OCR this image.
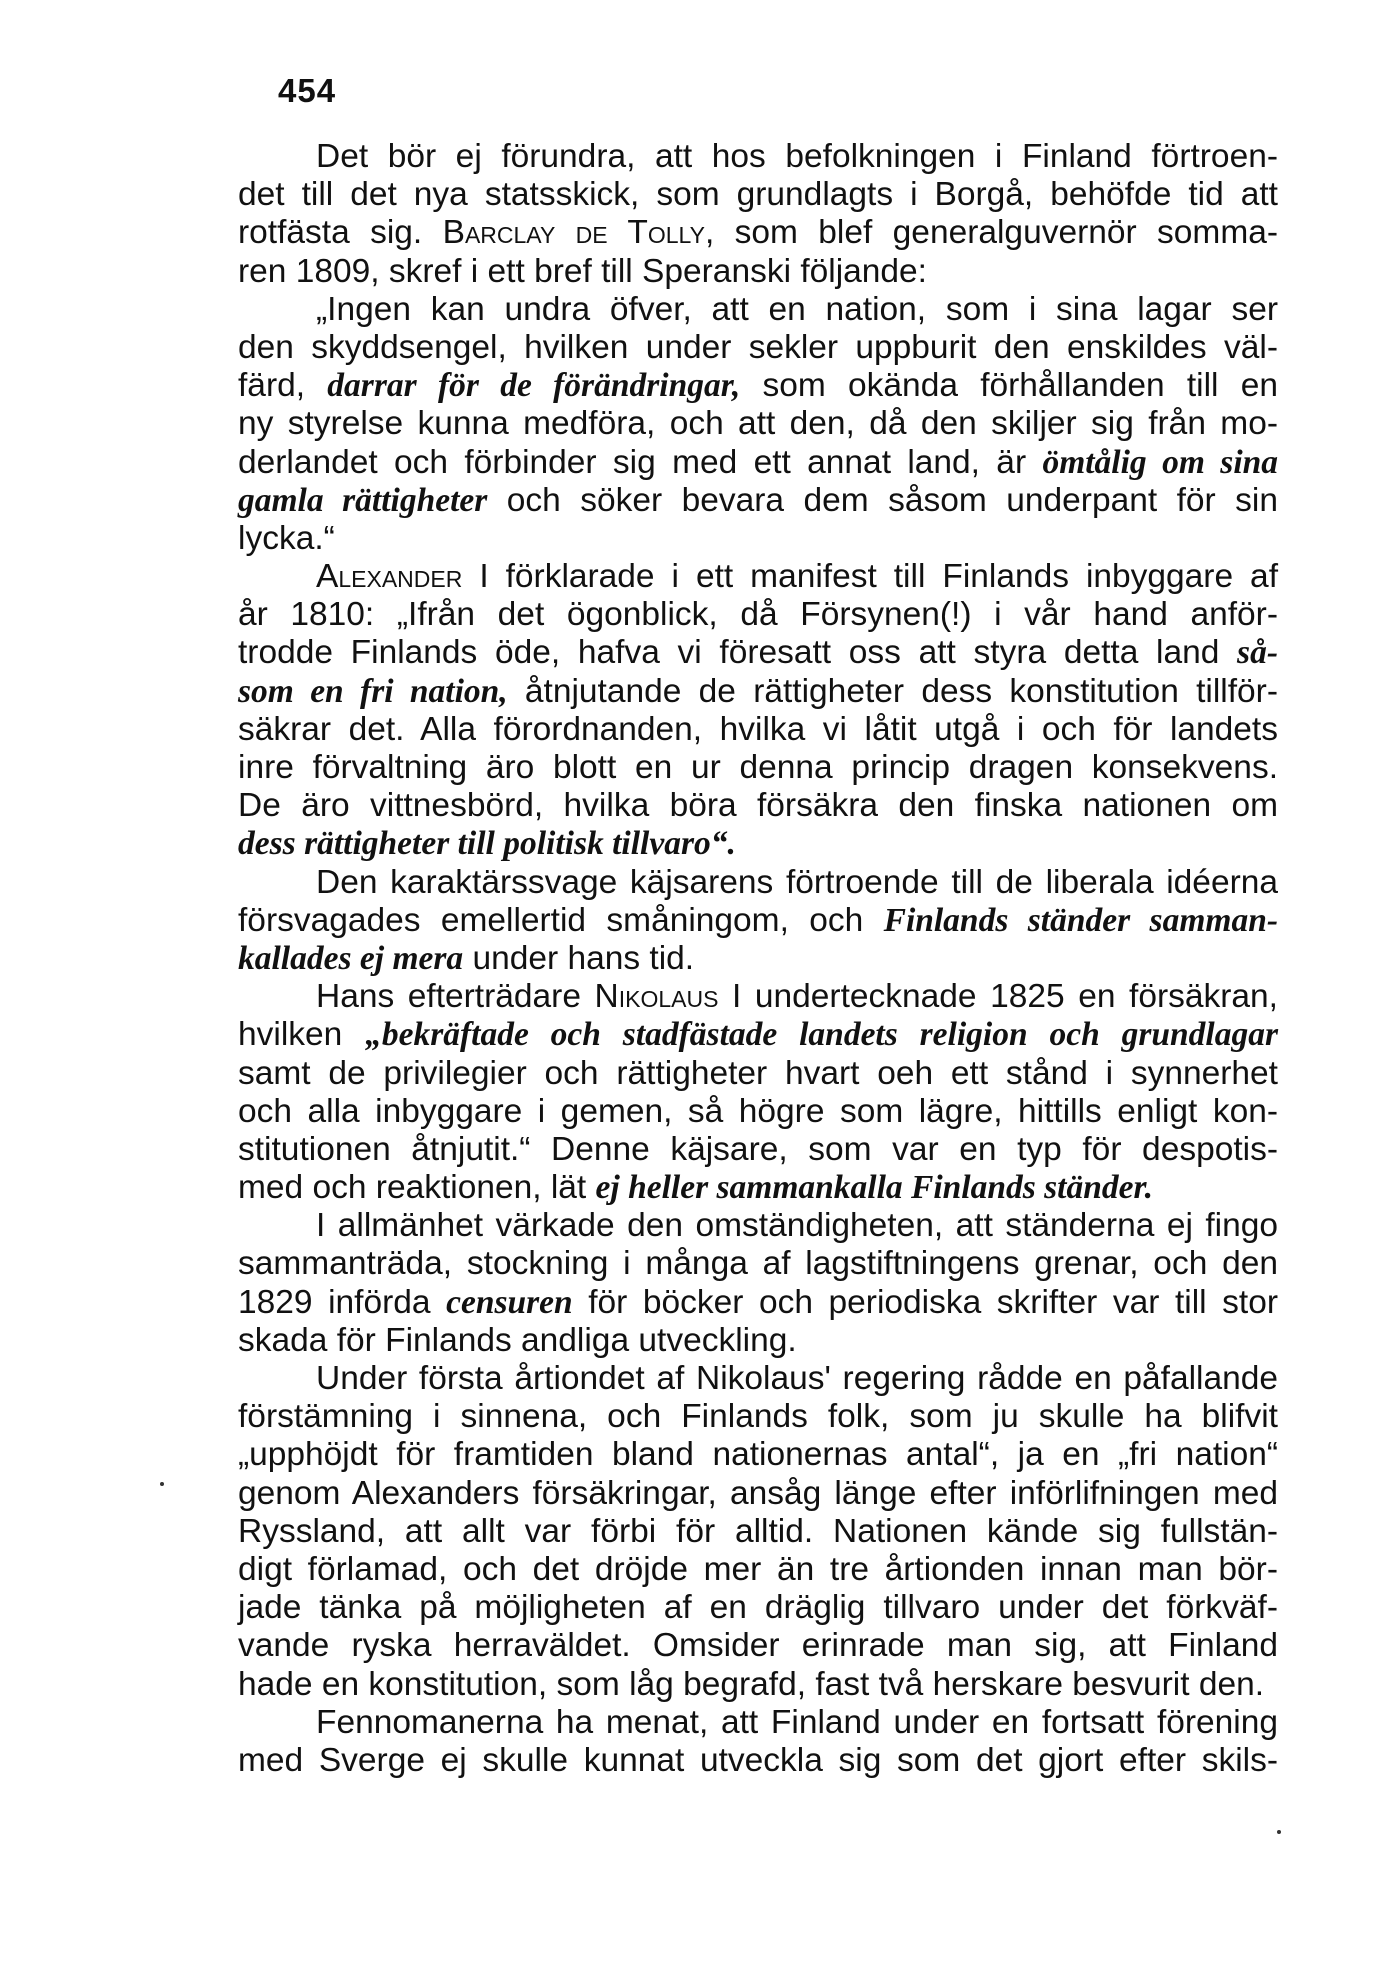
454
Det bör ej förundra, att hos befolkningen i Finland förtroen-
det till det nya statsskick, som grundlagts i Borgå, behöfde tid att
rotfästa sig. Barclay de Tolly, som blef generalguvernör somma-
ren 1809, skref i ett bref till Speranski följande:
„Ingen kan undra öfver, att en nation, som i sina lagar ser
den skyddsengel, hvilken under sekler uppburit den enskildes väl-
färd, darrar för de förändringar, som okända förhållanden till en
ny styrelse kunna medföra, och att den, då den skiljer sig från mo-
derlandet och förbinder sig med ett annat land, är ömtålig om sina
gamla rättigheter och söker bevara dem såsom underpant för sin
lycka.“
Alexander I förklarade i ett manifest till Finlands inbyggare af
år 1810: „Ifrån det ögonblick, då Försynen(!) i vår hand anför-
trodde Finlands öde, hafva vi föresatt oss att styra detta land så-
som en fri nation, åtnjutande de rättigheter dess konstitution tillför-
säkrar det. Alla förordnanden, hvilka vi låtit utgå i och för landets
inre förvaltning äro blott en ur denna princip dragen konsekvens.
De äro vittnesbörd, hvilka böra försäkra den finska nationen om
dess rättigheter till politisk tillvaro“.
Den karaktärssvage käjsarens förtroende till de liberala idéerna
försvagades emellertid småningom, och Finlands ständer samman-
kallades ej mera under hans tid.
Hans efterträdare Nikolaus I undertecknade 1825 en försäkran,
hvilken „bekräftade och stadfästade landets religion och grundlagar
samt de privilegier och rättigheter hvart oeh ett stånd i synnerhet
och alla inbyggare i gemen, så högre som lägre, hittills enligt kon-
stitutionen åtnjutit.“ Denne käjsare, som var en typ för despotis-
med och reaktionen, lät ej heller sammankalla Finlands ständer.
I allmänhet värkade den omständigheten, att ständerna ej fingo
sammanträda, stockning i många af lagstiftningens grenar, och den
1829 införda censuren för böcker och periodiska skrifter var till stor
skada för Finlands andliga utveckling.
Under första årtiondet af Nikolaus' regering rådde en påfallande
förstämning i sinnena, och Finlands folk, som ju skulle ha blifvit
„upphöjdt för framtiden bland nationernas antal“, ja en „fri nation“
genom Alexanders försäkringar, ansåg länge efter införlifningen med
Ryssland, att allt var förbi för alltid. Nationen kände sig fullstän-
digt förlamad, och det dröjde mer än tre årtionden innan man bör-
jade tänka på möjligheten af en dräglig tillvaro under det förkväf-
vande ryska herraväldet. Omsider erinrade man sig, att Finland
hade en konstitution, som låg begrafd, fast två herskare besvurit den.
Fennomanerna ha menat, att Finland under en fortsatt förening
med Sverge ej skulle kunnat utveckla sig som det gjort efter skils-
